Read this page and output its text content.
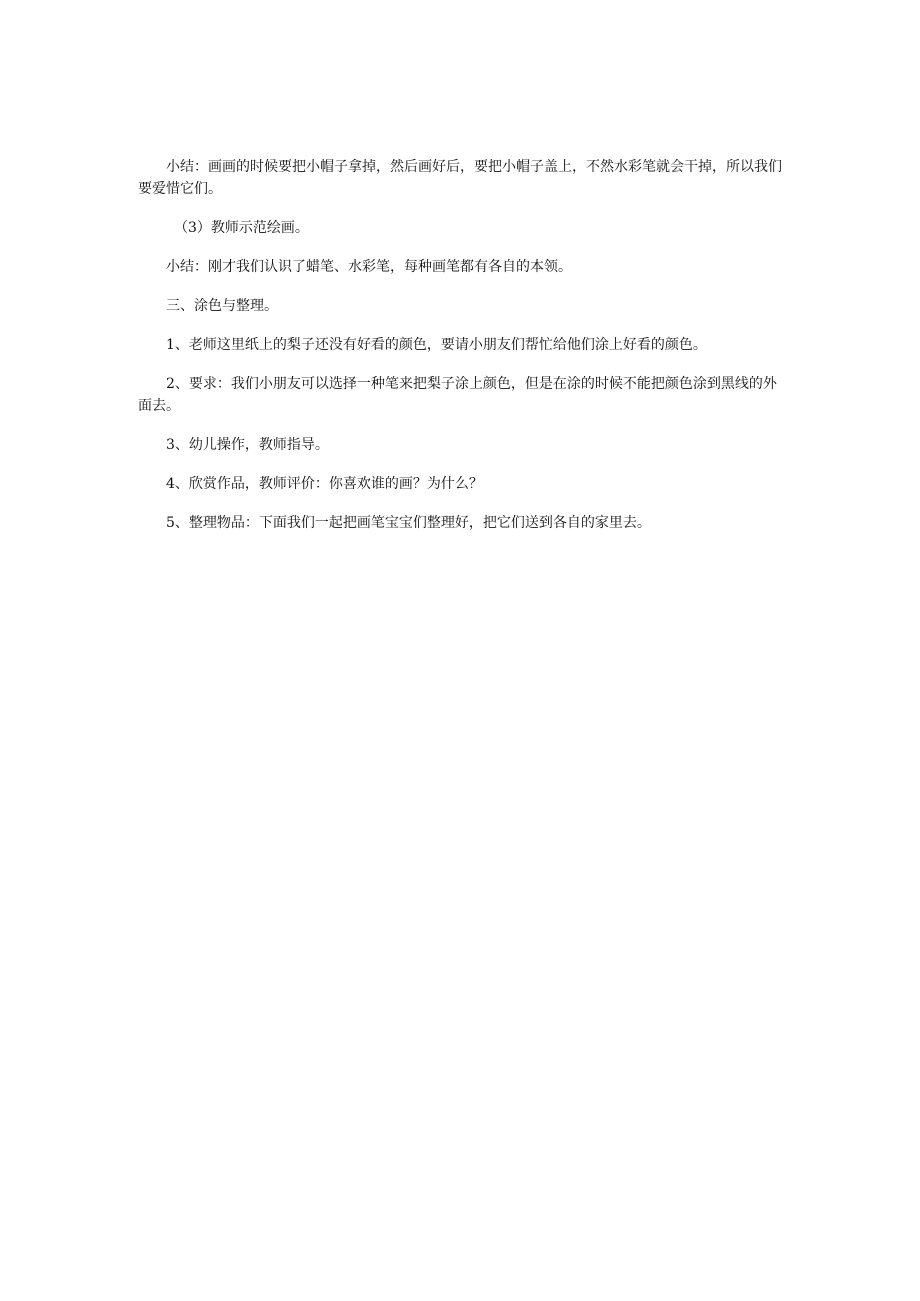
小结：画画的时候要把小帽子拿掉，然后画好后，要把小帽子盖上，不然水彩笔就会干掉，所以我们要爱惜它们。

（3）教师示范绘画。

小结：刚才我们认识了蜡笔、水彩笔，每种画笔都有各自的本领。

三、涂色与整理。

1、老师这里纸上的梨子还没有好看的颜色，要请小朋友们帮忙给他们涂上好看的颜色。

2、要求：我们小朋友可以选择一种笔来把梨子涂上颜色，但是在涂的时候不能把颜色涂到黑线的外面去。

3、幼儿操作，教师指导。

4、欣赏作品，教师评价：你喜欢谁的画？为什么？

5、整理物品：下面我们一起把画笔宝宝们整理好，把它们送到各自的家里去。
